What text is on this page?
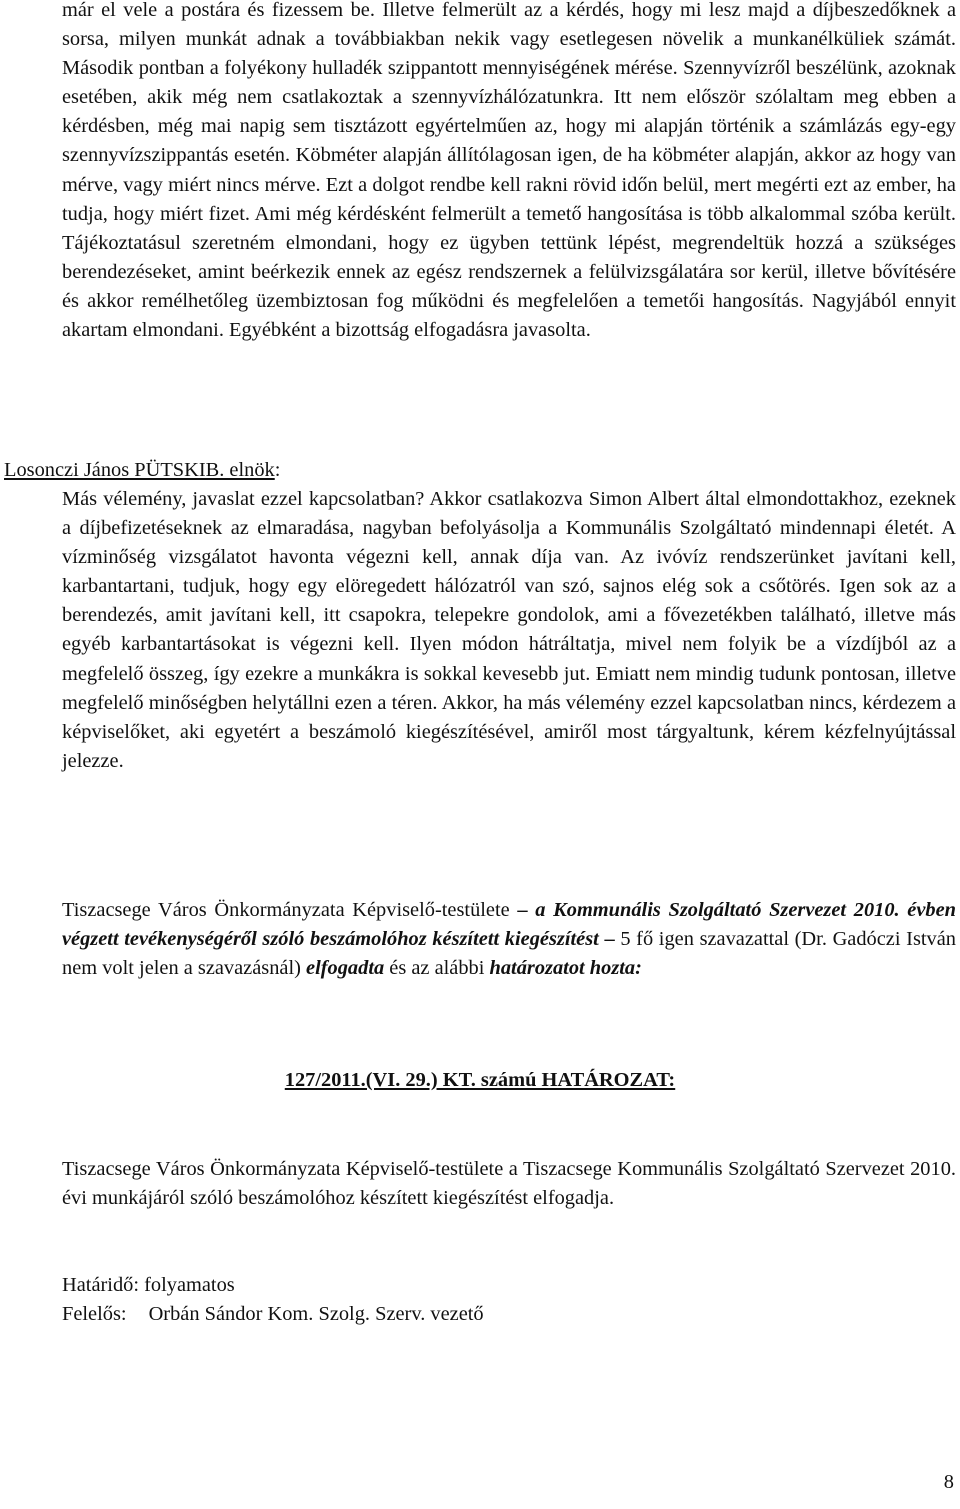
már el vele a postára és fizessem be. Illetve felmerült az a kérdés, hogy mi lesz majd a díjbeszedőknek a sorsa, milyen munkát adnak a továbbiakban nekik vagy esetlegesen növelik a munkanélküliek számát. Második pontban a folyékony hulladék szippantott mennyiségének mérése. Szennyvízről beszélünk, azoknak esetében, akik még nem csatlakoztak a szennyvízhálózatunkra. Itt nem először szólaltam meg ebben a kérdésben, még mai napig sem tisztázott egyértelműen az, hogy mi alapján történik a számlázás egy-egy szennyvízszippantás esetén. Köbméter alapján állítólagosan igen, de ha köbméter alapján, akkor az hogy van mérve, vagy miért nincs mérve. Ezt a dolgot rendbe kell rakni rövid időn belül, mert megérti ezt az ember, ha tudja, hogy miért fizet. Ami még kérdésként felmerült a temető hangosítása is több alkalommal szóba került. Tájékoztatásul szeretném elmondani, hogy ez ügyben tettünk lépést, megrendeltük hozzá a szükséges berendezéseket, amint beérkezik ennek az egész rendszernek a felülvizsgálatára sor kerül, illetve bővítésére és akkor remélhetőleg üzembiztosan fog működni és megfelelően a temetői hangosítás. Nagyjából ennyit akartam elmondani. Egyébként a bizottság elfogadásra javasolta.

Losonczi János PÜTSKIB. elnök:

Más vélemény, javaslat ezzel kapcsolatban? Akkor csatlakozva Simon Albert által elmondottakhoz, ezeknek a díjbefizetéseknek az elmaradása, nagyban befolyásolja a Kommunális Szolgáltató mindennapi életét. A vízminőség vizsgálatot havonta végezni kell, annak díja van. Az ivóvíz rendszerünket javítani kell, karbantartani, tudjuk, hogy egy elöregedett hálózatról van szó, sajnos elég sok a csőtörés. Igen sok az a berendezés, amit javítani kell, itt csapokra, telepekre gondolok, ami a fővezetékben található, illetve más egyéb karbantartásokat is végezni kell. Ilyen módon hátráltatja, mivel nem folyik be a vízdíjból az a megfelelő összeg, így ezekre a munkákra is sokkal kevesebb jut. Emiatt nem mindig tudunk pontosan, illetve megfelelő minőségben helytállni ezen a téren. Akkor, ha más vélemény ezzel kapcsolatban nincs, kérdezem a képviselőket, aki egyetért a beszámoló kiegészítésével, amiről most tárgyaltunk, kérem kézfelnyújtással jelezze.

Tiszacsege Város Önkormányzata Képviselő-testülete – a Kommunális Szolgáltató Szervezet 2010. évben végzett tevékenységéről szóló beszámolóhoz készített kiegészítést – 5 fő igen szavazattal (Dr. Gadóczi István nem volt jelen a szavazásnál) elfogadta és az alábbi határozatot hozta:

127/2011.(VI. 29.) KT. számú HATÁROZAT:

Tiszacsege Város Önkormányzata Képviselő-testülete a Tiszacsege Kommunális Szolgáltató Szervezet 2010. évi munkájáról szóló beszámolóhoz készített kiegészítést elfogadja.

Határidő: folyamatos

Felelős: Orbán Sándor Kom. Szolg. Szerv. vezető

8
